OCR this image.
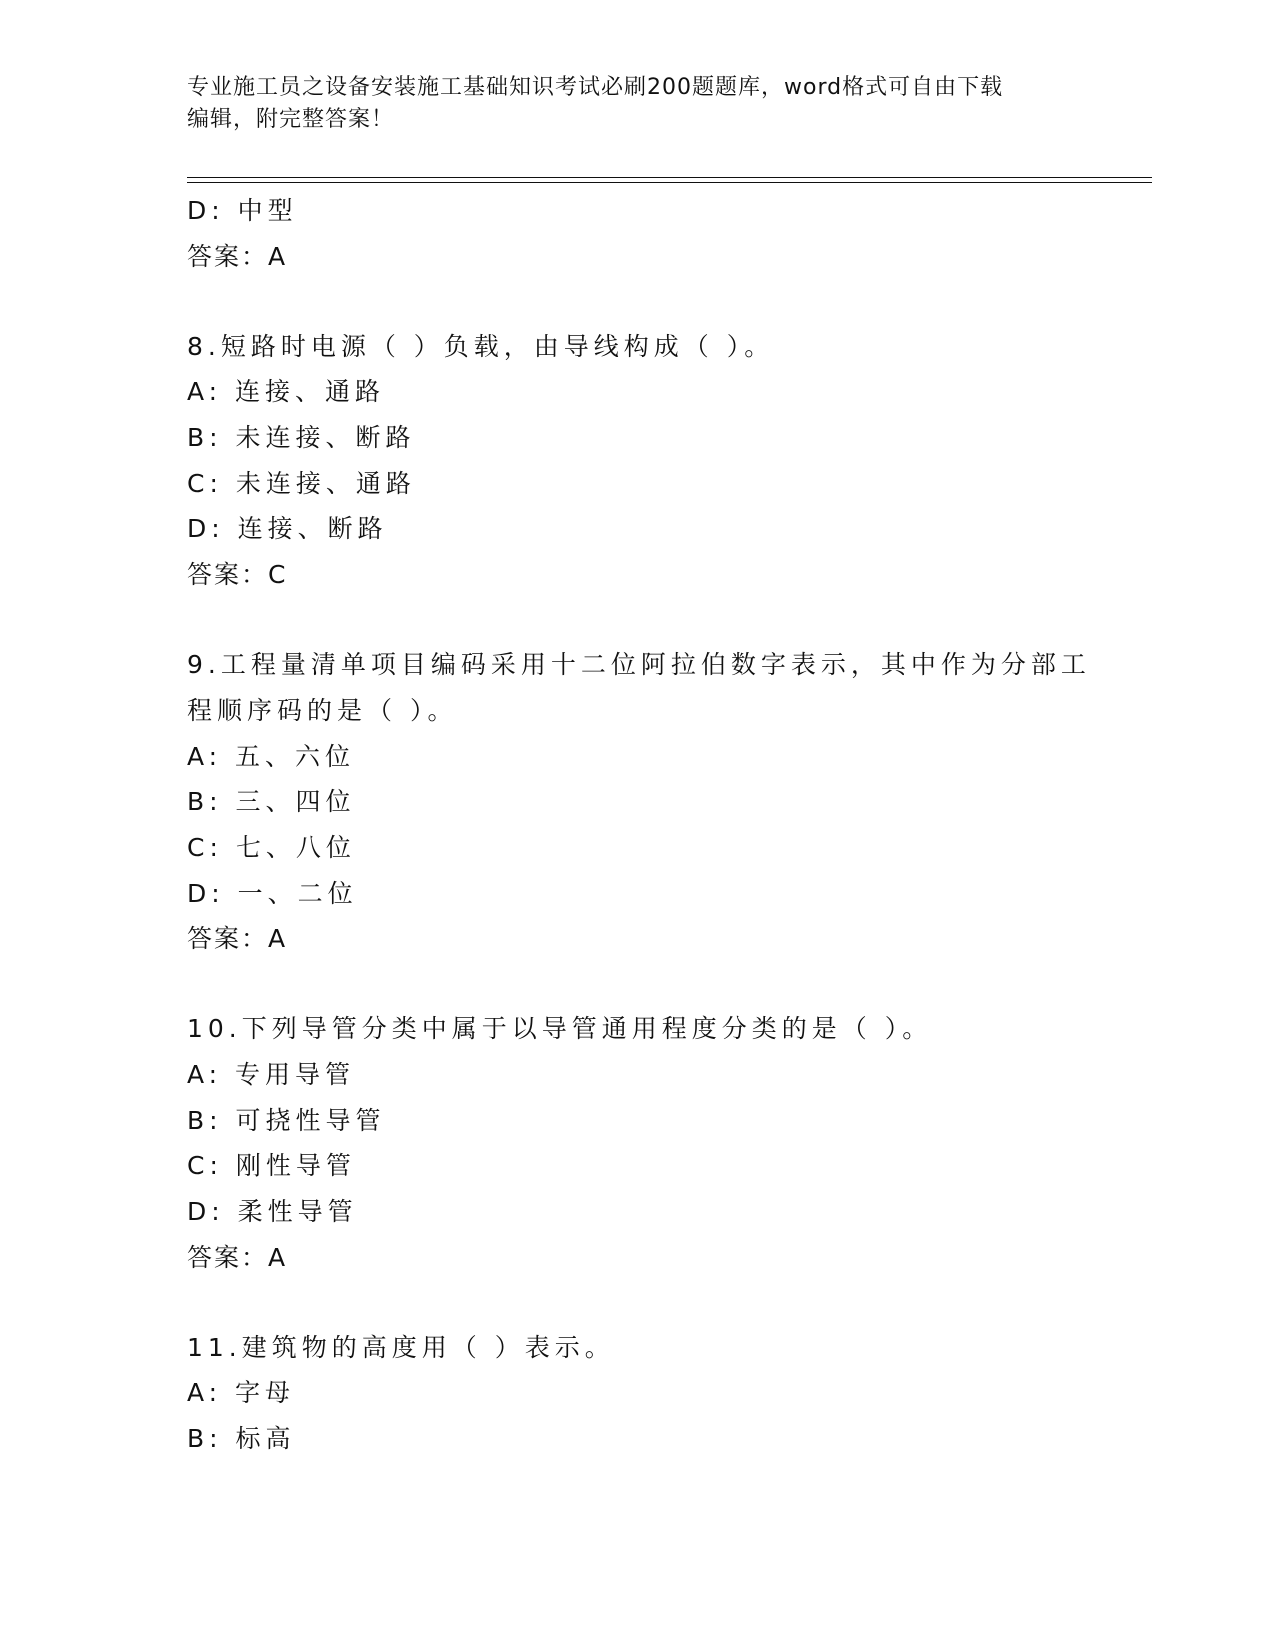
专业施工员之设备安装施工基础知识考试必刷200题题库，word格式可自由下载
编辑，附完整答案！
D: 中型
答案：A
8.短路时电源（ ）负载，由导线构成（ ）。
A: 连接、通路
B: 未连接、断路
C: 未连接、通路
D: 连接、断路
答案：C
9.工程量清单项目编码采用十二位阿拉伯数字表示，其中作为分部工
程顺序码的是（ ）。
A: 五、六位
B: 三、四位
C: 七、八位
D: 一、二位
答案：A
10.下列导管分类中属于以导管通用程度分类的是（ ）。
A: 专用导管
B: 可挠性导管
C: 刚性导管
D: 柔性导管
答案：A
11.建筑物的高度用（ ）表示。
A: 字母
B: 标高
